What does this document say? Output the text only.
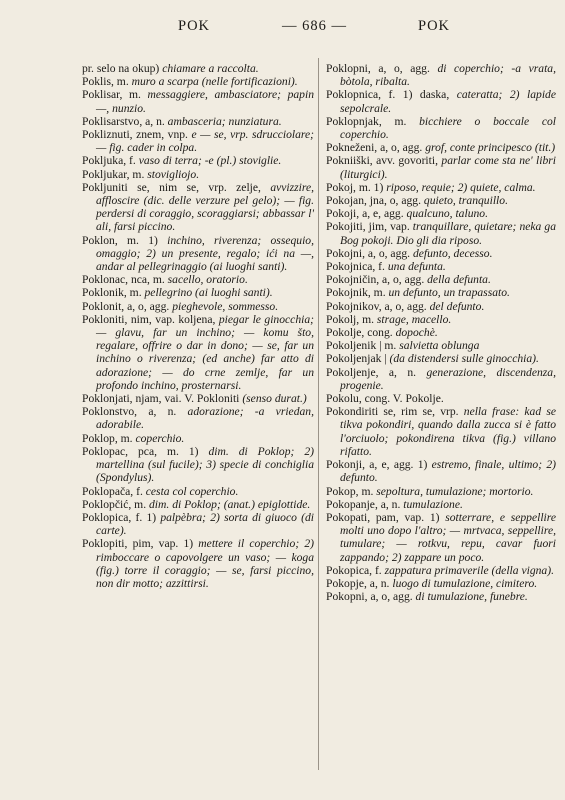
POK	— 686 —	POK
pr. selo na okup) chiamare a raccolta.
Poklis, m. muro a scarpa (nelle fortificazioni).
Poklisar, m. messaggiere, ambasciatore; papin —, nunzio.
Poklisarstvo, a, n. ambasceria; nunziatura.
Pokliznuti, znem, vnp. e — se, vrp. sdrucciolare; — fig. cader in colpa.
Pokljuka, f. vaso di terra; -e (pl.) stoviglie.
Pokljukar, m. stovigliojo.
Pokljuniti se, nim se, vrp. zelje, avvizzire, affloscire (dic. delle verzure pel gelo); — fig. perdersi di coraggio, scoraggiarsi; abbassar l' ali, farsi piccino.
Poklon, m. 1) inchino, riverenza; ossequio, omaggio; 2) un presente, regalo; ići na —, andar al pellegrinaggio (ai luoghi santi).
Poklonac, nca, m. sacello, oratorio.
Poklonik, m. pellegrino (ai luoghi santi).
Poklonit, a, o, agg. pieghevole, sommesso.
Pokloniti, nim, vap. koljena, piegar le ginocchia; — glavu, far un inchino; — komu što, regalare, offrire o dar in dono; — se, far un inchino o riverenza; (ed anche) far atto di adorazione; — do crne zemlje, far un profondo inchino, prosternarsi.
Poklonjati, njam, vai. V. Pokloniti (senso durat.)
Poklonstvo, a, n. adorazione; -a vriedan, adorabile.
Poklop, m. coperchio.
Poklopac, pca, m. 1) dim. di Poklop; 2) martellina (sul fucile); 3) specie di conchiglia (Spondylus).
Poklopača, f. cesta col coperchio.
Poklopčić, m. dim. di Poklop; (anat.) epiglottide.
Poklopica, f. 1) palpèbra; 2) sorta di giuoco (di carte).
Poklopiti, pim, vap. 1) mettere il coperchio; 2) rimboccare o capovolgere un vaso; — koga (fig.) torre il coraggio; — se, farsi piccino, non dir motto; azzittirsi.
Poklopni, a, o, agg. di coperchio; -a vrata, bòtola, ribalta.
Poklopnica, f. 1) daska, cateratta; 2) lapide sepolcrale.
Poklopnjak, m. bicchiere o boccale col coperchio.
Pokneženi, a, o, agg. grof, conte principesco (tit.)
Pokniiški, avv. govoriti, parlar come sta ne' libri (liturgici).
Pokoj, m. 1) riposo, requie; 2) quiete, calma.
Pokojan, jna, o, agg. quieto, tranquillo.
Pokoji, a, e, agg. qualcuno, taluno.
Pokojiti, jim, vap. tranquillare, quietare; neka ga Bog pokoji. Dio gli dia riposo.
Pokojni, a, o, agg. defunto, decesso.
Pokojnica, f. una defunta.
Pokojničin, a, o, agg. della defunta.
Pokojnik, m. un defunto, un trapassato.
Pokojnikov, a, o, agg. del defunto.
Pokolj, m. strage, macello.
Pokolje, cong. dopochè.
Pokoljenik | m. salvietta oblunga
Pokoljenjak | (da distendersi sulle ginocchia).
Pokoljenje, a, n. generazione, discendenza, progenie.
Pokolu, cong. V. Pokolje.
Pokondiriti se, rim se, vrp. nella frase: kad se tikva pokondiri, quando dalla zucca si è fatto l'orciuolo; pokondirena tikva (fig.) villano rifatto.
Pokonji, a, e, agg. 1) estremo, finale, ultimo; 2) defunto.
Pokop, m. sepoltura, tumulazione; mortorio.
Pokopanje, a, n. tumulazione.
Pokopati, pam, vap. 1) sotterrare, e seppellire molti uno dopo l'altro; — mrtvaca, seppellire, tumulare; — rotkvu, repu, cavar fuori zappando; 2) zappare un poco.
Pokopica, f. zappatura primaverile (della vigna).
Pokopje, a, n. luogo di tumulazione, cimitero.
Pokopni, a, o, agg. di tumulazione, funebre.
